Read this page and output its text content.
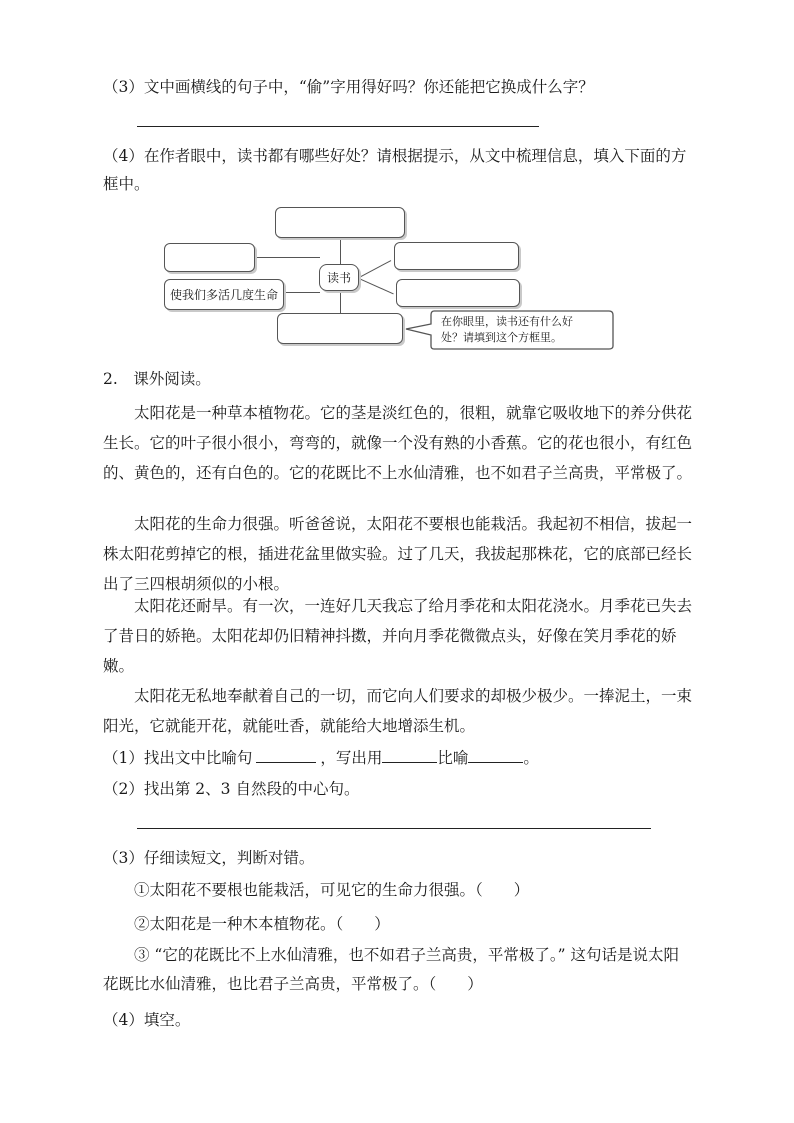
（3）文中画横线的句子中，“偷”字用得好吗？你还能把它换成什么字？
（4）在作者眼中，读书都有哪些好处？请根据提示，从文中梳理信息，填入下面的方
框中。
使我们多活几度生命
读书
在你眼里，读书还有什么好
处？请填到这个方框里。
2.　课外阅读。
太阳花是一种草本植物花。它的茎是淡红色的，很粗，就靠它吸收地下的养分供花生长。它的叶子很小很小，弯弯的，就像一个没有熟的小香蕉。它的花也很小，有红色的、黄色的，还有白色的。它的花既比不上水仙清雅，也不如君子兰高贵，平常极了。
太阳花的生命力很强。听爸爸说，太阳花不要根也能栽活。我起初不相信，拔起一株太阳花剪掉它的根，插进花盆里做实验。过了几天，我拔起那株花，它的底部已经长出了三四根胡须似的小根。
太阳花还耐旱。有一次，一连好几天我忘了给月季花和太阳花浇水。月季花已失去了昔日的娇艳。太阳花却仍旧精神抖擞，并向月季花微微点头，好像在笑月季花的娇嫩。
太阳花无私地奉献着自己的一切，而它向人们要求的却极少极少。一捧泥土，一束阳光，它就能开花，就能吐香，就能给大地增添生机。
（1）找出文中比喻句	，写出用	比喻	。
（2）找出第 2、3 自然段的中心句。
（3）仔细读短文，判断对错。
①太阳花不要根也能栽活，可见它的生命力很强。（　　）
②太阳花是一种木本植物花。（　　）
③ “它的花既比不上水仙清雅，也不如君子兰高贵，平常极了。” 这句话是说太阳花既比水仙清雅，也比君子兰高贵，平常极了。（　　）
（4）填空。
